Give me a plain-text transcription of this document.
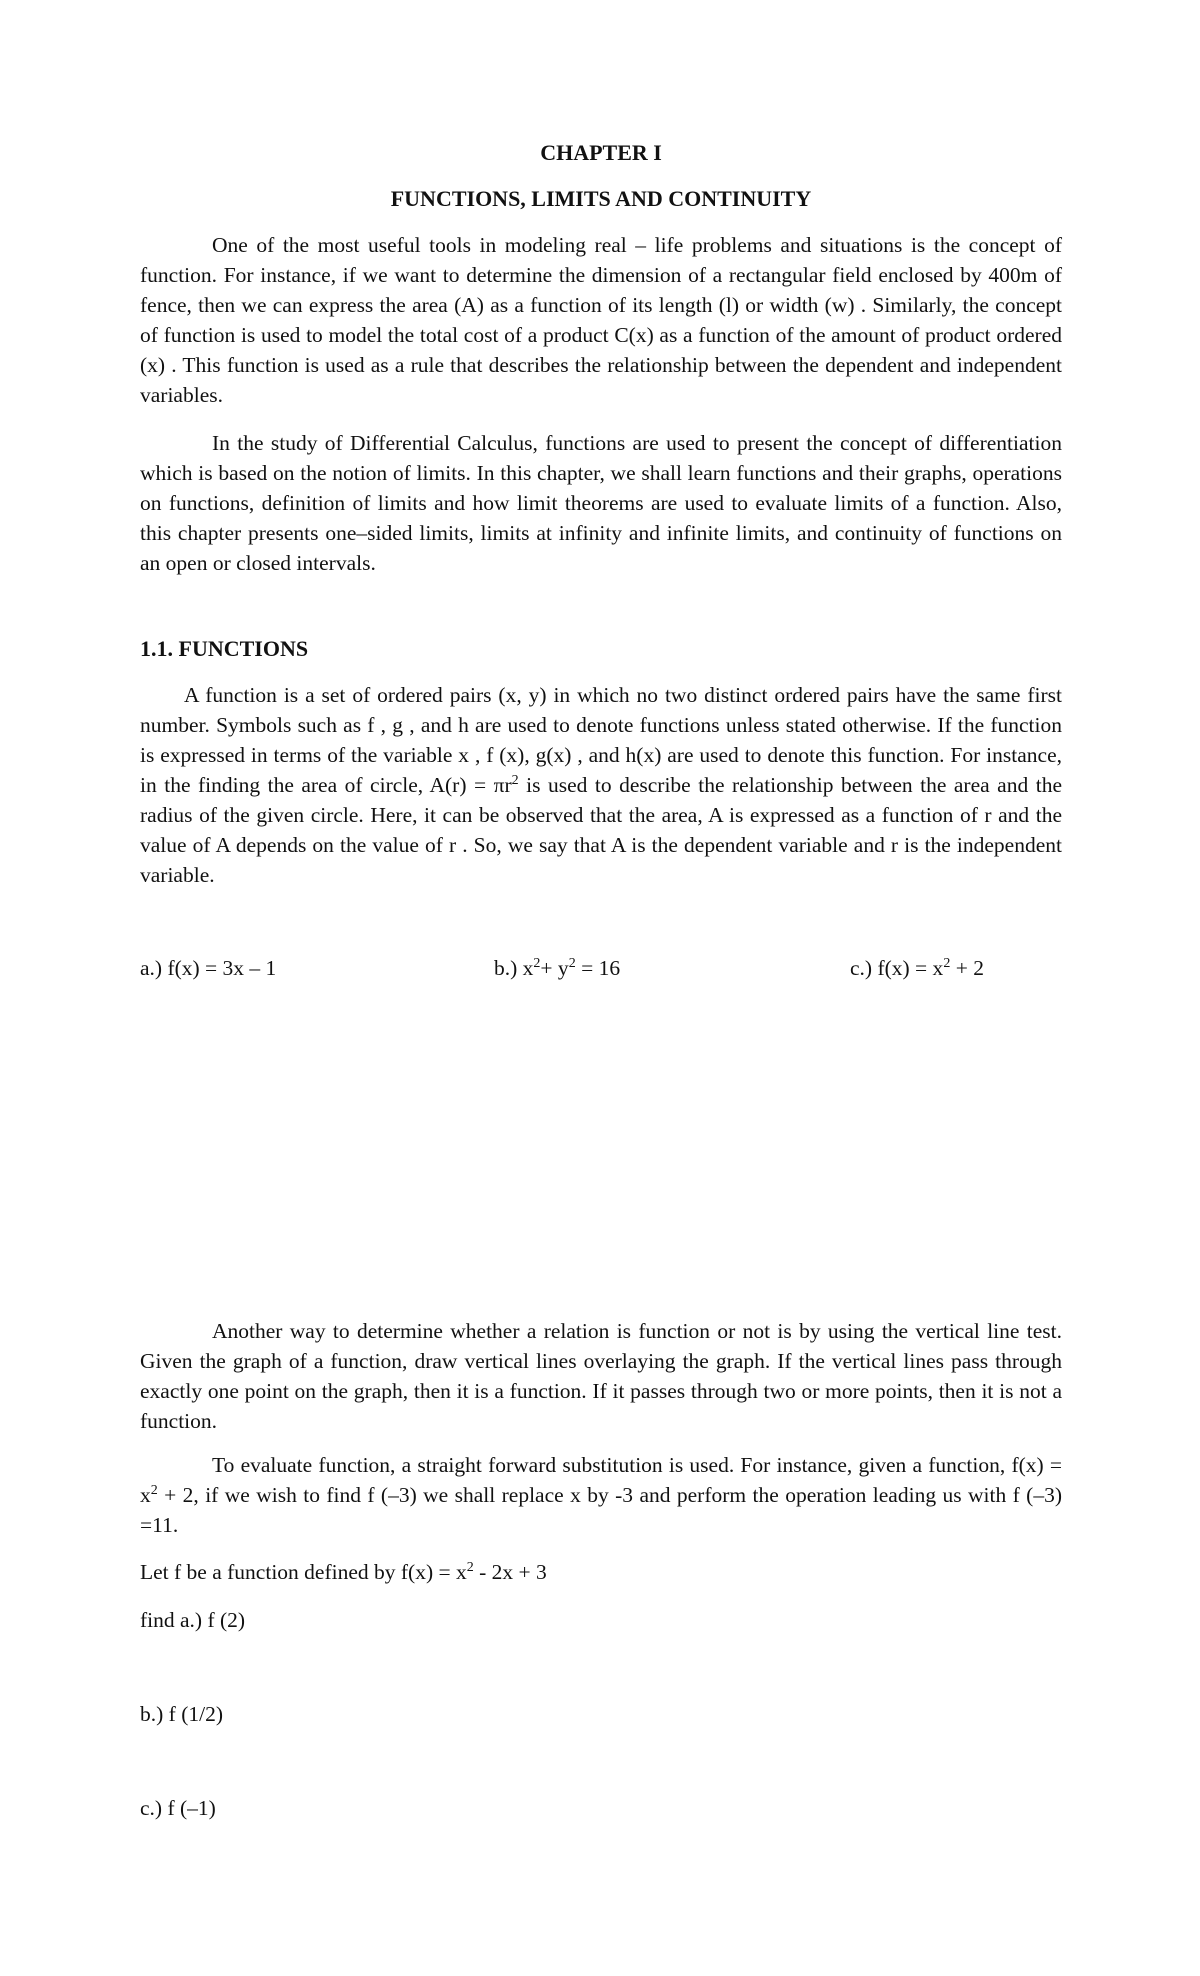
CHAPTER I
FUNCTIONS, LIMITS AND CONTINUITY

One of the most useful tools in modeling real – life problems and situations is the concept of function. For instance, if we want to determine the dimension of a rectangular field enclosed by 400m of fence, then we can express the area (A) as a function of its length (l) or width (w) . Similarly, the concept of function is used to model the total cost of a product C(x) as a function of the amount of product ordered (x) . This function is used as a rule that describes the relationship between the dependent and independent variables.

In the study of Differential Calculus, functions are used to present the concept of differentiation which is based on the notion of limits. In this chapter, we shall learn functions and their graphs, operations on functions, definition of limits and how limit theorems are used to evaluate limits of a function. Also, this chapter presents one–sided limits, limits at infinity and infinite limits, and continuity of functions on an open or closed intervals.

1.1. FUNCTIONS

A function is a set of ordered pairs (x, y) in which no two distinct ordered pairs have the same first number. Symbols such as f , g , and h are used to denote functions unless stated otherwise. If the function is expressed in terms of the variable x , f (x), g(x) , and h(x) are used to denote this function. For instance, in the finding the area of circle, $A(r) = \pi r^2$ is used to describe the relationship between the area and the radius of the given circle. Here, it can be observed that the area, A is expressed as a function of r and the value of A depends on the value of r . So, we say that A is the dependent variable and r is the independent variable.

a.) f(x) = 3x – 1	b.) $x^2+ y^2 = 16$	c.) $f(x) = x^2 + 2$

Another way to determine whether a relation is function or not is by using the vertical line test. Given the graph of a function, draw vertical lines overlaying the graph. If the vertical lines pass through exactly one point on the graph, then it is a function. If it passes through two or more points, then it is not a function.

To evaluate function, a straight forward substitution is used. For instance, given a function, $f(x) = x^2 + 2$, if we wish to find f (–3) we shall replace x by -3 and perform the operation leading us with f (–3) =11.

Let f be a function defined by $f(x) = x^2 - 2x + 3$

find a.) f (2)

b.) f (1/2)

c.) f (–1)
